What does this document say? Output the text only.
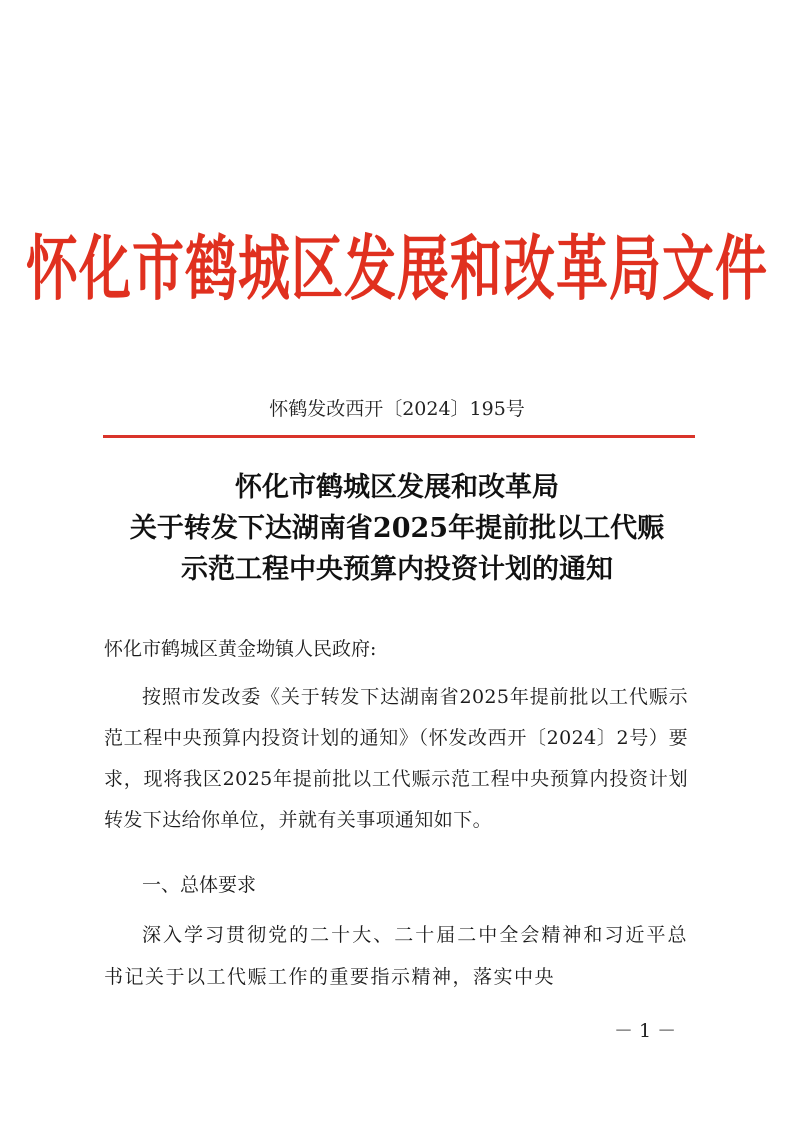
怀化市鹤城区发展和改革局文件
怀鹤发改西开〔2024〕195号
怀化市鹤城区发展和改革局
关于转发下达湖南省2025年提前批以工代赈
示范工程中央预算内投资计划的通知
怀化市鹤城区黄金坳镇人民政府:
按照市发改委《关于转发下达湖南省2025年提前批以工代赈示范工程中央预算内投资计划的通知》（怀发改西开〔2024〕2号）要求，现将我区2025年提前批以工代赈示范工程中央预算内投资计划转发下达给你单位，并就有关事项通知如下。
一、总体要求
深入学习贯彻党的二十大、二十届二中全会精神和习近平总书记关于以工代赈工作的重要指示精神，落实中央
－ 1 －
